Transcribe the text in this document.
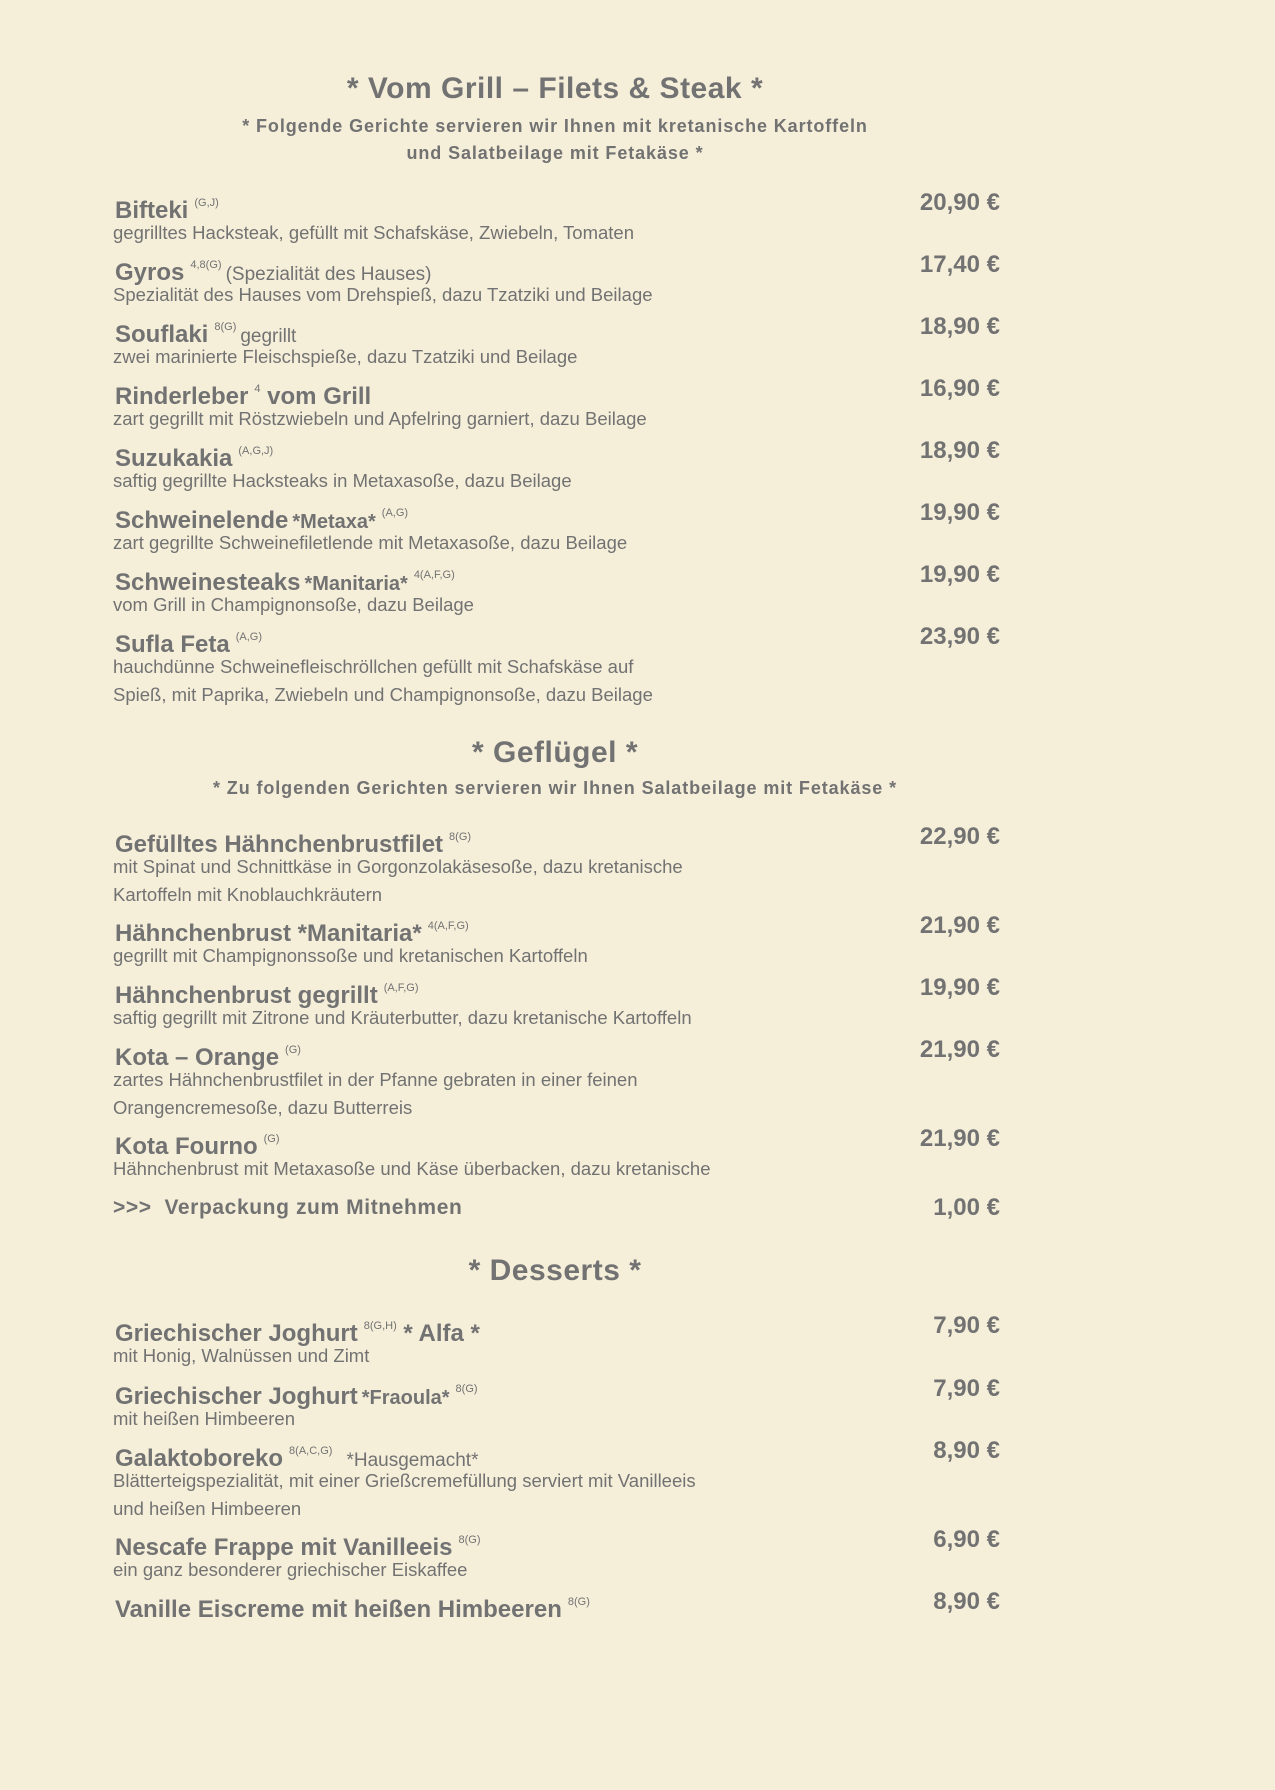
* Vom Grill – Filets & Steak *
* Folgende Gerichte servieren wir Ihnen mit kretanische Kartoffeln
und Salatbeilage mit Fetakäse *
Bifteki $^{(G,J)}$	20,90 €
gegrilltes Hacksteak, gefüllt mit Schafskäse, Zwiebeln, Tomaten
Gyros $^{4,8(G)}$ (Spezialität des Hauses)	17,40 €
Spezialität des Hauses vom Drehspieß, dazu Tzatziki und Beilage
Souflaki $^{8(G)}$ gegrillt	18,90 €
zwei marinierte Fleischspieße, dazu Tzatziki und Beilage
Rinderleber $^4$ vom Grill	16,90 €
zart gegrillt mit Röstzwiebeln und Apfelring garniert, dazu Beilage
Suzukakia $^{(A,G,J)}$	18,90 €
saftig gegrillte Hacksteaks in Metaxasoße, dazu Beilage
Schweinelende *Metaxa* $^{(A,G)}$	19,90 €
zart gegrillte Schweinefiletlende mit Metaxasoße, dazu Beilage
Schweinesteaks *Manitaria* $^{4(A,F,G)}$	19,90 €
vom Grill in Champignonsoße, dazu Beilage
Sufla Feta $^{(A,G)}$	23,90 €
hauchdünne Schweinefleischröllchen gefüllt mit Schafskäse auf
Spieß, mit Paprika, Zwiebeln und Champignonsoße, dazu Beilage
* Geflügel *
* Zu folgenden Gerichten servieren wir Ihnen Salatbeilage mit Fetakäse *
Gefülltes Hähnchenbrustfilet $^{8(G)}$	22,90 €
mit Spinat und Schnittkäse in Gorgonzolakäsesoße, dazu kretanische
Kartoffeln mit Knoblauchkräutern
Hähnchenbrust *Manitaria* $^{4(A,F,G)}$	21,90 €
gegrillt mit Champignonssoße und kretanischen Kartoffeln
Hähnchenbrust gegrillt $^{(A,F,G)}$	19,90 €
saftig gegrillt mit Zitrone und Kräuterbutter, dazu kretanische Kartoffeln
Kota – Orange $^{(G)}$	21,90 €
zartes Hähnchenbrustfilet in der Pfanne gebraten in einer feinen
Orangencremesoße, dazu Butterreis
Kota Fourno $^{(G)}$	21,90 €
Hähnchenbrust mit Metaxasoße und Käse überbacken, dazu kretanische
>>>  Verpackung zum Mitnehmen	1,00 €
* Desserts *
Griechischer Joghurt $^{8(G,H)}$ * Alfa *	7,90 €
mit Honig, Walnüssen und Zimt
Griechischer Joghurt *Fraoula* $^{8(G)}$	7,90 €
mit heißen Himbeeren
Galaktoboreko $^{8(A,C,G)}$ *Hausgemacht*	8,90 €
Blätterteigspezialität, mit einer Grießcremefüllung serviert mit Vanilleeis
und heißen Himbeeren
Nescafe Frappe mit Vanilleeis $^{8(G)}$	6,90 €
ein ganz besonderer griechischer Eiskaffee
Vanille Eiscreme mit heißen Himbeeren $^{8(G)}$	8,90 €
